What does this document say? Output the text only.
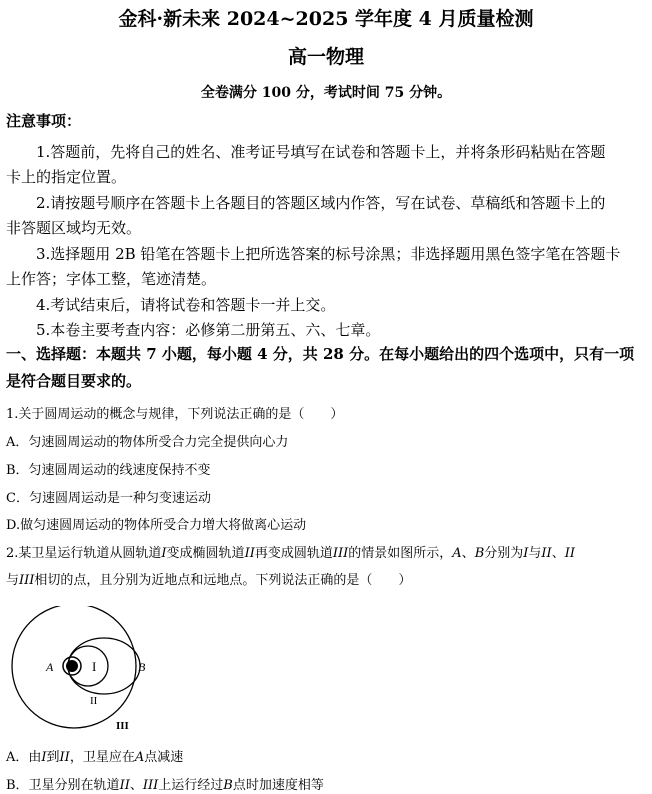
金科·新未来 2024~2025 学年度 4 月质量检测
高一物理
全卷满分 100 分，考试时间 75 分钟。
注意事项：
1.答题前，先将自己的姓名、准考证号填写在试卷和答题卡上，并将条形码粘贴在答题
卡上的指定位置。
2.请按题号顺序在答题卡上各题目的答题区域内作答，写在试卷、草稿纸和答题卡上的
非答题区域均无效。
3.选择题用 2B 铅笔在答题卡上把所选答案的标号涂黑；非选择题用黑色签字笔在答题卡
上作答；字体工整，笔迹清楚。
4.考试结束后，请将试卷和答题卡一并上交。
5.本卷主要考查内容：必修第二册第五、六、七章。
一、选择题：本题共 7 小题，每小题 4 分，共 28 分。在每小题给出的四个选项中，只有一项
是符合题目要求的。
1.关于圆周运动的概念与规律，下列说法正确的是（　　）
A．匀速圆周运动的物体所受合力完全提供向心力
B．匀速圆周运动的线速度保持不变
C．匀速圆周运动是一种匀变速运动
D.做匀速圆周运动的物体所受合力增大将做离心运动
2.某卫星运行轨道从圆轨道I变成椭圆轨道II再变成圆轨道III的情景如图所示，A、B分别为I与II、II
与III相切的点，且分别为近地点和远地点。下列说法正确的是（　　）
A	I	B
II
III
A．由I到II，卫星应在A点减速
B．卫星分别在轨道II、III上运行经过B点时加速度相等
